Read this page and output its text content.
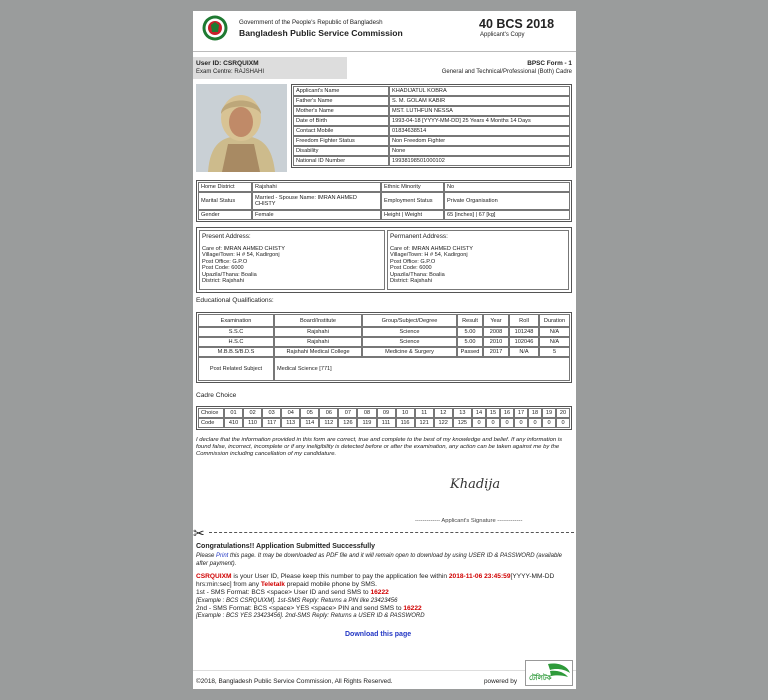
Government of the People's Republic of Bangladesh
Bangladesh Public Service Commission
40 BCS 2018
Applicant's Copy
User ID: CSRQUIXM
Exam Centre: RAJSHAHI
BPSC Form - 1
General and Technical/Professional (Both) Cadre
Applicant's Name	KHADIJATUL KOBRA
Father's Name	S. M. GOLAM KABIR
Mother's Name	MST. LUTHFUN NESSA
Date of Birth	1993-04-18 [YYYY-MM-DD] 25 Years 4 Months 14 Days
Contact Mobile	01834638514
Freedom Fighter Status	Non Freedom Fighter
Disability	None
National ID Number	19938198501000102
Home District	Rajshahi	Ethnic Minority	No
Marital Status	Married - Spouse Name: IMRAN AHMED CHISTY	Employment Status	Private Organisation
Gender	Female	Height | Weight	65 [inches] | 67 [kg]
Present Address:
Care of: IMRAN AHMED CHISTY
Village/Town: H # 54, Kadirgonj
Post Office: G.P.O
Post Code: 6000
Upazila/Thana: Boalia
District: Rajshahi
Permanent Address:
Care of: IMRAN AHMED CHISTY
Village/Town: H # 54, Kadirgonj
Post Office: G.P.O
Post Code: 6000
Upazila/Thana: Boalia
District: Rajshahi
Educational Qualifications:
Examination	Board/Institute	Group/Subject/Degree	Result	Year	Roll	Duration
S.S.C	Rajshahi	Science	5.00	2008	101248	N/A
H.S.C	Rajshahi	Science	5.00	2010	102046	N/A
M.B.B.S/B.D.S	Rajshahi Medical College	Medicine & Surgery	Passed	2017	N/A	5
Post Related Subject	Medical Science [771]					
Cadre Choice
Choice	01	02	03	04	05	06	07	08	09	10	11	12	13	14	15	16	17	18	19	20
Code	410	110	117	113	114	112	126	119	111	116	121	122	125	0	0	0	0	0	0	0
I declare that the information provided in this form are correct, true and complete to the best of my knowledge and belief. If any information is found false, incorrect, incomplete or if any ineligibility is detected before or after the examination, any action can be taken against me by the Commission including cancellation of my candidature.
Khadija
------------- Applicant's Signature -------------
✂
Congratulations!! Application Submitted Successfully
Please Print this page. It may be downloaded as PDF file and it will remain open to download by using USER ID & PASSWORD (available after payment).
CSRQUIXM is your User ID, Please keep this number to pay the application fee within 2018-11-06 23:45:59[YYYY-MM-DD hrs:min:sec] from any Teletalk prepaid mobile phone by SMS.
1st - SMS Format: BCS <space> User ID and send SMS to 16222
[Example : BCS CSRQUIXM]. 1st-SMS Reply: Returns a PIN like 23423456
2nd - SMS Format: BCS <space> YES <space> PIN and send SMS to 16222
[Example : BCS YES 23423456]. 2nd-SMS Reply: Returns a USER ID & PASSWORD
Download this page
©2018, Bangladesh Public Service Commission, All Rights Reserved.	powered by টেলিটক
